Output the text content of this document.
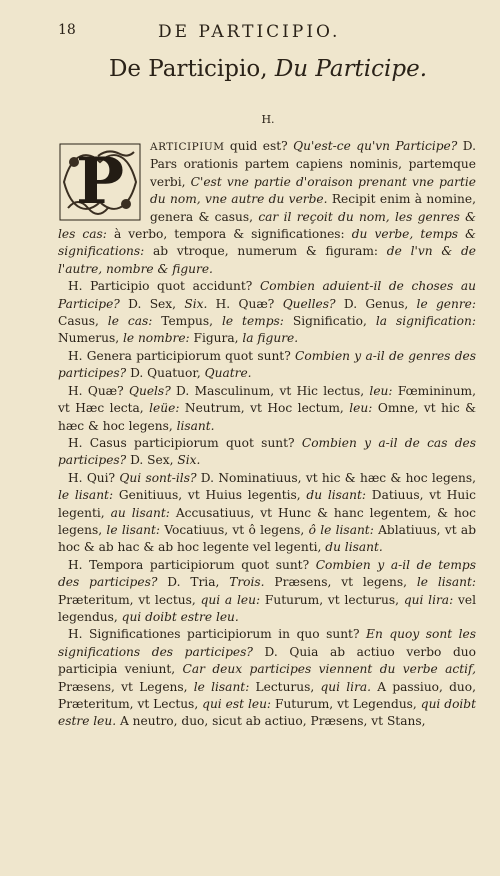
18	DE PARTICIPIO.
De Participio, Du Participe.
H.
P	ARTICIPIUM quid est? Qu'est-ce qu'vn Participe? D. Pars orationis partem capiens nominis, partemque verbi, C'est vne partie d'oraison prenant vne partie du nom, vne autre du verbe. Recipit enim à nomine, genera & casus, car il reçoit du nom, les genres & les cas: à verbo, tempora & significationes: du verbe, temps & significations: ab vtroque, numerum & figuram: de l'vn & de l'autre, nombre & figure.

H. Participio quot accidunt? Combien aduient-il de choses au Participe? D. Sex, Six. H. Quæ? Quelles? D. Genus, le genre: Casus, le cas: Tempus, le temps: Significatio, la signification: Numerus, le nombre: Figura, la figure.

H. Genera participiorum quot sunt? Combien y a-il de genres des participes? D. Quatuor, Quatre.

H. Quæ? Quels? D. Masculinum, vt Hic lectus, leu: Fœmininum, vt Hæc lecta, leüe: Neutrum, vt Hoc lectum, leu: Omne, vt hic & hæc & hoc legens, lisant.

H. Casus participiorum quot sunt? Combien y a-il de cas des participes? D. Sex, Six.

H. Qui? Qui sont-ils? D. Nominatiuus, vt hic & hæc & hoc legens, le lisant: Genitiuus, vt Huius legentis, du lisant: Datiuus, vt Huic legenti, au lisant: Accusatiuus, vt Hunc & hanc legentem, & hoc legens, le lisant: Vocatiuus, vt ô legens, ô le lisant: Ablatiuus, vt ab hoc & ab hac & ab hoc legente vel legenti, du lisant.

H. Tempora participiorum quot sunt? Combien y a-il de temps des participes? D. Tria, Trois. Præsens, vt legens, le lisant: Præteritum, vt lectus, qui a leu: Futurum, vt lecturus, qui lira: vel legendus, qui doibt estre leu.

H. Significationes participiorum in quo sunt? En quoy sont les significations des participes? D. Quia ab actiuo verbo duo participia veniunt, Car deux participes viennent du verbe actif, Præsens, vt Legens, le lisant: Lecturus, qui lira. A passiuo, duo, Præteritum, vt Lectus, qui est leu: Futurum, vt Legendus, qui doibt estre leu. A neutro, duo, sicut ab actiuo, Præsens, vt Stans,
